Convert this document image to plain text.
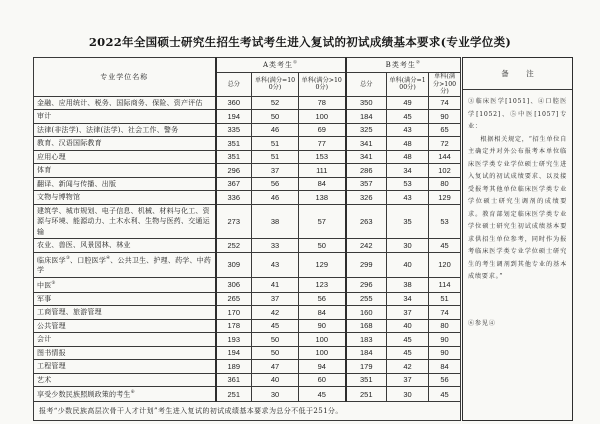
2022年全国硕士研究生招生考试考生进入复试的初试成绩基本要求(专业学位类)
专业学位名称	A类考生①			B类考生②
	总分	单科(满分=100分)	单科(满分>100分)	总分	单科(满分=100分)	单科(满分>100分)
金融、应用统计、税务、国际商务、保险、资产评估	360	52	78	350	49	74
审计	194	50	100	184	45	90
法律(非法学)、法律(法学)、社会工作、警务	335	46	69	325	43	65
教育、汉语国际教育	351	51	77	341	48	72
应用心理	351	51	153	341	48	144
体育	296	37	111	286	34	102
翻译、新闻与传播、出版	367	56	84	357	53	80
文物与博物馆	336	46	138	326	43	129
建筑学、城市规划、电子信息、机械、材料与化工、资源与环境、能源动力、土木水利、生物与医药、交通运输	273	38	57	263	35	53
农业、兽医、风景园林、林业	252	33	50	242	30	45
临床医学③、口腔医学④、公共卫生、护理、药学、中药学	309	43	129	299	40	120
中医⑤	306	41	123	296	38	114
军事	265	37	56	255	34	51
工商管理、旅游管理	170	42	84	160	37	74
公共管理	178	45	90	168	40	80
会计	193	50	100	183	45	90
图书情报	194	50	100	184	45	90
工程管理	189	47	94	179	42	84
艺术	361	40	60	351	37	56
享受少数民族照顾政策的考生⑥	251	30	45	251	30	45
报考“少数民族高层次骨干人才计划”考生进入复试的初试成绩基本要求为总分不低于251分。						
备　注
③临床医学[1051]、④口腔医学[1052]、⑤中医[1057]专业：
根据相关规定，“招生单位自主确定并对外公布报考本单位临床医学类专业学位硕士研究生进入复试的初试成绩要求、以及接受报考其他单位临床医学类专业学位硕士研究生调剂的成绩要求。教育部划定临床医学类专业学位硕士研究生初试成绩基本要求供招生单位参考，同时作为报考临床医学类专业学位硕士研究生的考生调剂到其他专业的基本成绩要求。”
⑥参见④
